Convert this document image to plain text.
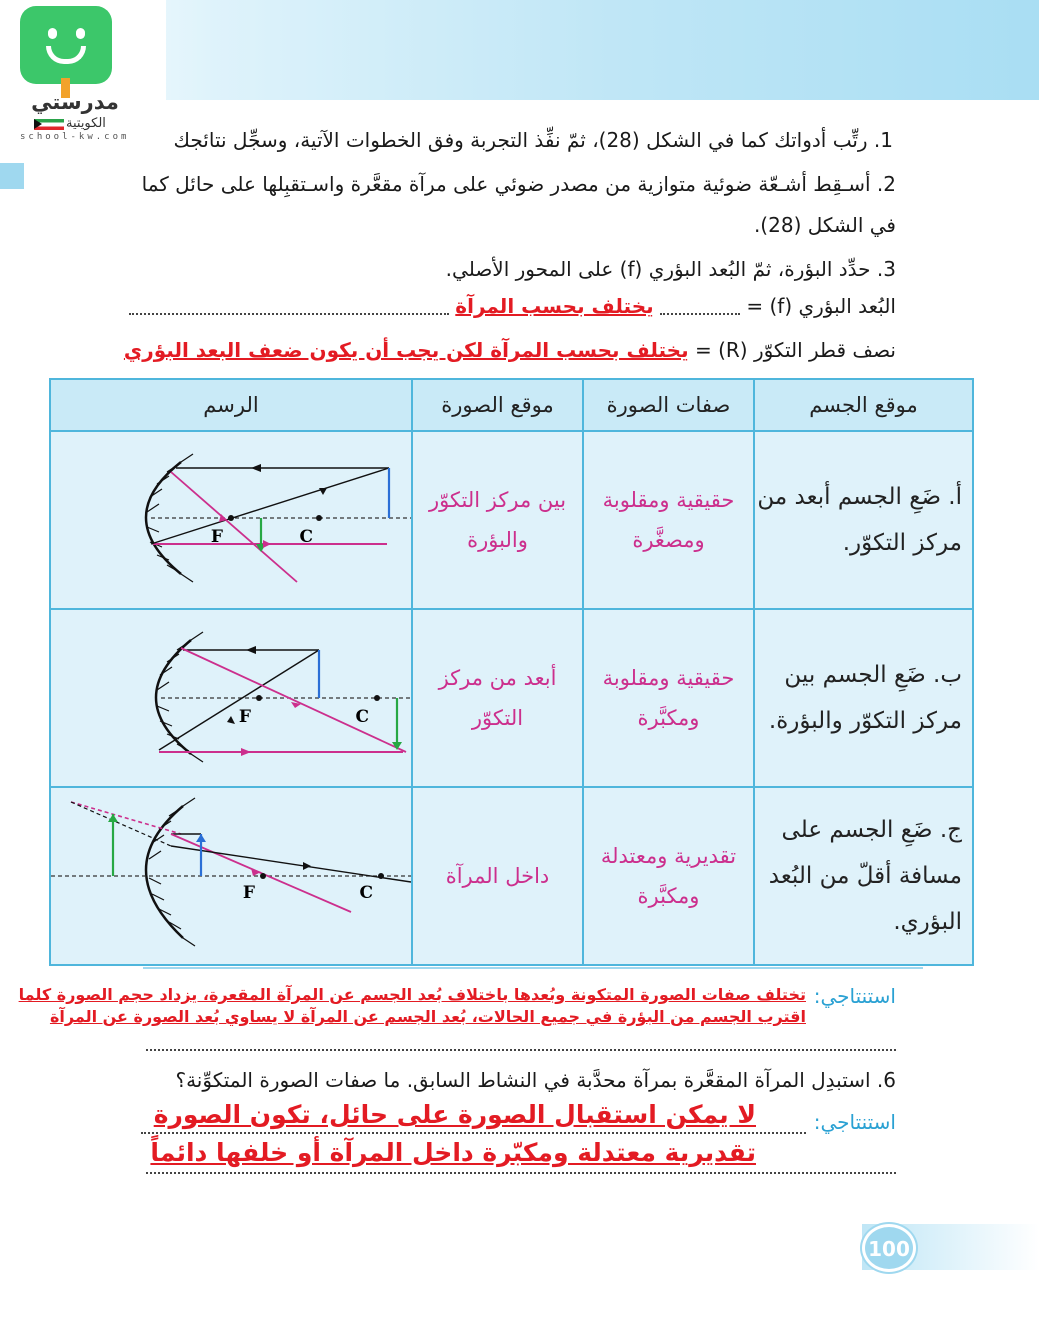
مدرستي
الكويتية
school-kw.com 1. رتِّب أدواتك كما في الشكل (28)، ثمّ نفِّذ التجربة وفق الخطوات الآتية، وسجِّل نتائجك
2. أسـقِط أشـعّة ضوئية متوازية من مصدر ضوئي على مرآة مقعَّرة واسـتقبِلها على حائل كما
في الشكل (28).
3. حدِّد البؤرة، ثمّ البُعد البؤري (f) على المحور الأصلي.
البُعد البؤري (f) =  يختلف بحسب المرآة
نصف قطر التكوّر (R) = يختلف بحسب المرآة لكن يجب أن يكون ضعف البعد البؤري
موقع الجسم	صفات الصورة	موقع الصورة	الرسم
أ. ضَعِ الجسم أبعد من مركز التكوّر.	حقيقية ومقلوبة ومصغَّرة	بين مركز التكوّر والبؤرة	F C

ب. ضَعِ الجسم بين مركز التكوّر والبؤرة.	حقيقية ومقلوبة ومكبَّرة	أبعد من مركز التكوّر	F C

ج. ضَعِ الجسم على مسافة أقلّ من البُعد البؤري.	تقديرية ومعتدلة ومكبَّرة	داخل المرآة	F C
استنتاجي:
تختلف صفات الصورة المتكونة وبُعدها باختلاف بُعد الجسم عن المرآة المقعرة، يزداد حجم الصورة كلما اقترب الجسم من البؤرة في جميع الحالات، بُعد الجسم عن المرآة لا يساوي بُعد الصورة عن المرآة
6. استبدِل المرآة المقعَّرة بمرآة محدَّبة في النشاط السابق. ما صفات الصورة المتكوِّنة؟
استنتاجي:
لا يمكن استقبال الصورة على حائل، تكون الصورة
تقديرية معتدلة ومكبّرة داخل المرآة أو خلفها دائماً
100
